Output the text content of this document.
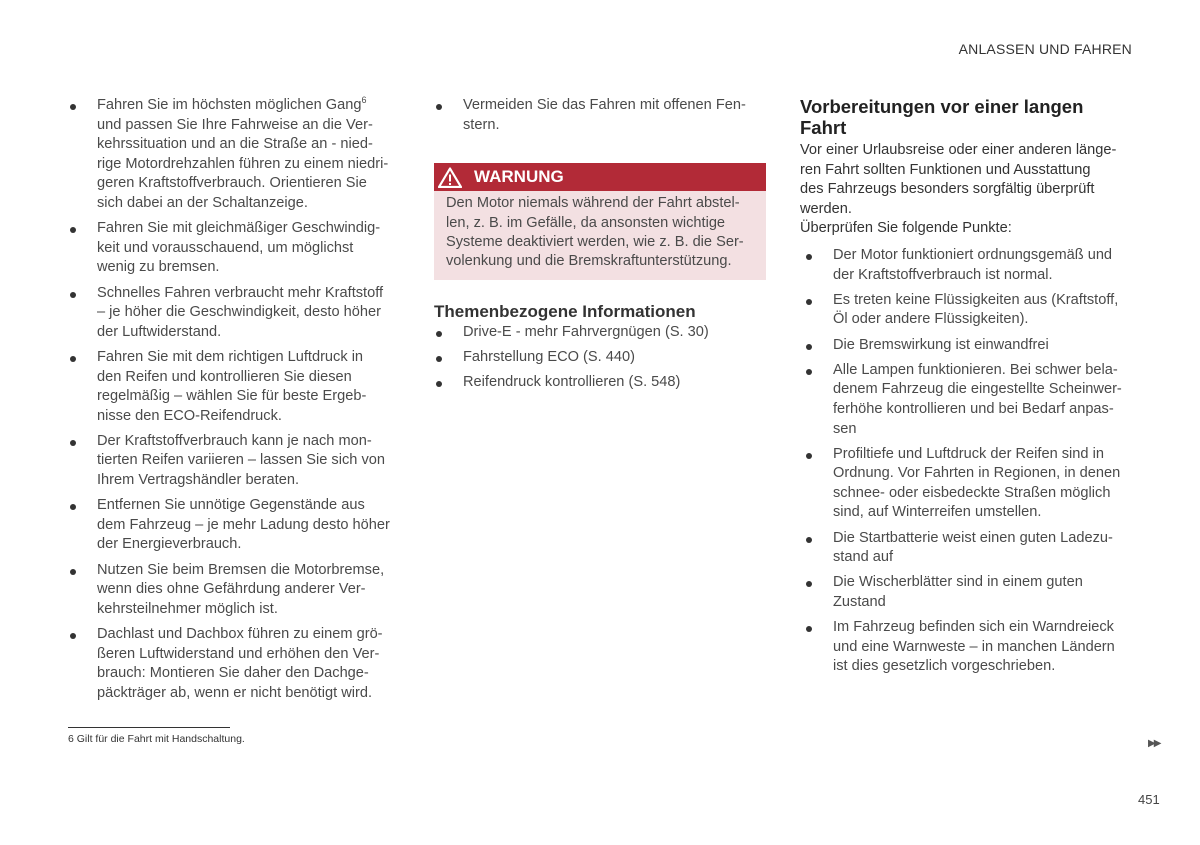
ANLASSEN UND FAHREN
Fahren Sie im höchsten möglichen Gang$^6$
und passen Sie Ihre Fahrweise an die Ver-
kehrssituation und an die Straße an - nied-
rige Motordrehzahlen führen zu einem niedri-
geren Kraftstoffverbrauch. Orientieren Sie
sich dabei an der Schaltanzeige.
Fahren Sie mit gleichmäßiger Geschwindig-
keit und vorausschauend, um möglichst
wenig zu bremsen.
Schnelles Fahren verbraucht mehr Kraftstoff
– je höher die Geschwindigkeit, desto höher
der Luftwiderstand.
Fahren Sie mit dem richtigen Luftdruck in
den Reifen und kontrollieren Sie diesen
regelmäßig – wählen Sie für beste Ergeb-
nisse den ECO-Reifendruck.
Der Kraftstoffverbrauch kann je nach mon-
tierten Reifen variieren – lassen Sie sich von
Ihrem Vertragshändler beraten.
Entfernen Sie unnötige Gegenstände aus
dem Fahrzeug – je mehr Ladung desto höher
der Energieverbrauch.
Nutzen Sie beim Bremsen die Motorbremse,
wenn dies ohne Gefährdung anderer Ver-
kehrsteilnehmer möglich ist.
Dachlast und Dachbox führen zu einem grö-
ßeren Luftwiderstand und erhöhen den Ver-
brauch: Montieren Sie daher den Dachge-
päckträger ab, wenn er nicht benötigt wird.
Vermeiden Sie das Fahren mit offenen Fen-
stern.
WARNUNG
Den Motor niemals während der Fahrt abstel-
len, z. B. im Gefälle, da ansonsten wichtige
Systeme deaktiviert werden, wie z. B. die Ser-
volenkung und die Bremskraftunterstützung.
Themenbezogene Informationen
Drive-E - mehr Fahrvergnügen (S. 30)
Fahrstellung ECO (S. 440)
Reifendruck kontrollieren (S. 548)
Vorbereitungen vor einer langen
Fahrt
Vor einer Urlaubsreise oder einer anderen länge-
ren Fahrt sollten Funktionen und Ausstattung
des Fahrzeugs besonders sorgfältig überprüft
werden.
Überprüfen Sie folgende Punkte:
Der Motor funktioniert ordnungsgemäß und
der Kraftstoffverbrauch ist normal.
Es treten keine Flüssigkeiten aus (Kraftstoff,
Öl oder andere Flüssigkeiten).
Die Bremswirkung ist einwandfrei
Alle Lampen funktionieren. Bei schwer bela-
denem Fahrzeug die eingestellte Scheinwer-
ferhöhe kontrollieren und bei Bedarf anpas-
sen
Profiltiefe und Luftdruck der Reifen sind in
Ordnung. Vor Fahrten in Regionen, in denen
schnee- oder eisbedeckte Straßen möglich
sind, auf Winterreifen umstellen.
Die Startbatterie weist einen guten Ladezu-
stand auf
Die Wischerblätter sind in einem guten
Zustand
Im Fahrzeug befinden sich ein Warndreieck
und eine Warnweste – in manchen Ländern
ist dies gesetzlich vorgeschrieben.
6 Gilt für die Fahrt mit Handschaltung.	▶▶
451
